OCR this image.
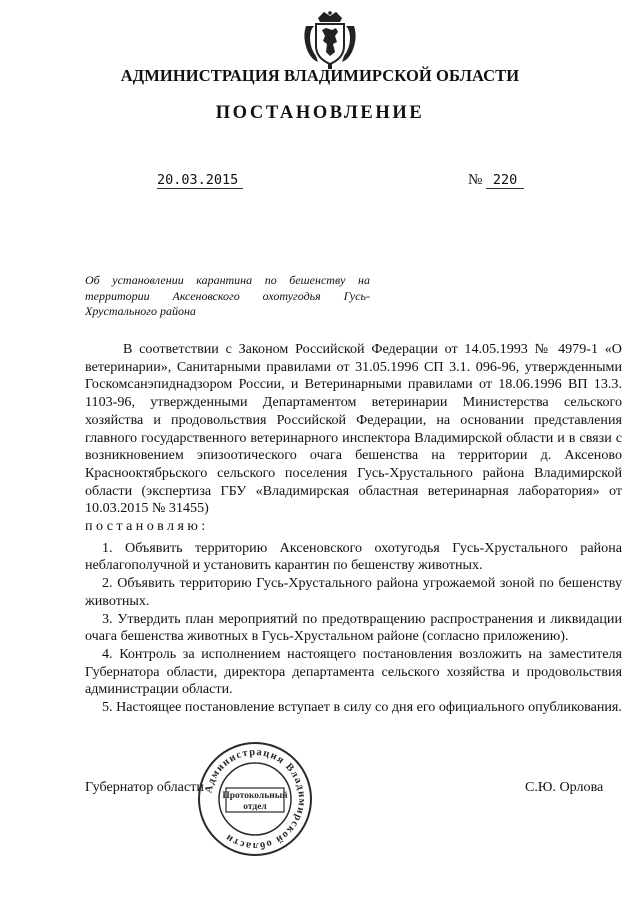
АДМИНИСТРАЦИЯ ВЛАДИМИРСКОЙ ОБЛАСТИ
ПОСТАНОВЛЕНИЕ
20.03.2015	№ 220
Об установлении карантина по бешенству на территории Аксеновского охотугодья Гусь-Хрустального района

В соответствии с Законом Российской Федерации от 14.05.1993 № 4979-1 «О ветеринарии», Санитарными правилами от 31.05.1996 СП 3.1. 096-96, утвержденными Госкомсанэпиднадзором России, и Ветеринарными правилами от 18.06.1996 ВП 13.3. 1103-96, утвержденными Департаментом ветеринарии Министерства сельского хозяйства и продовольствия Российской Федерации, на основании представления главного государственного ветеринарного инспектора Владимирской области и в связи с возникновением эпизоотического очага бешенства на территории д. Аксеново Краснооктябрьского сельского поселения Гусь-Хрустального района Владимирской области (экспертиза ГБУ «Владимирская областная ветеринарная лаборатория» от 10.03.2015 № 31455)

постановляю:

1. Объявить территорию Аксеновского охотугодья Гусь-Хрустального района неблагополучной и установить карантин по бешенству животных.

2. Объявить территорию Гусь-Хрустального района угрожаемой зоной по бешенству животных.

3. Утвердить план мероприятий по предотвращению распространения и ликвидации очага бешенства животных в Гусь-Хрустальном районе (согласно приложению).

4. Контроль за исполнением настоящего постановления возложить на заместителя Губернатора области, директора департамента сельского хозяйства и продовольствия администрации области.

5. Настоящее постановление вступает в силу со дня его официального опубликования.

Губернатор области	С.Ю. Орлова
Администрация Владимирской области
Протокольный
отдел
